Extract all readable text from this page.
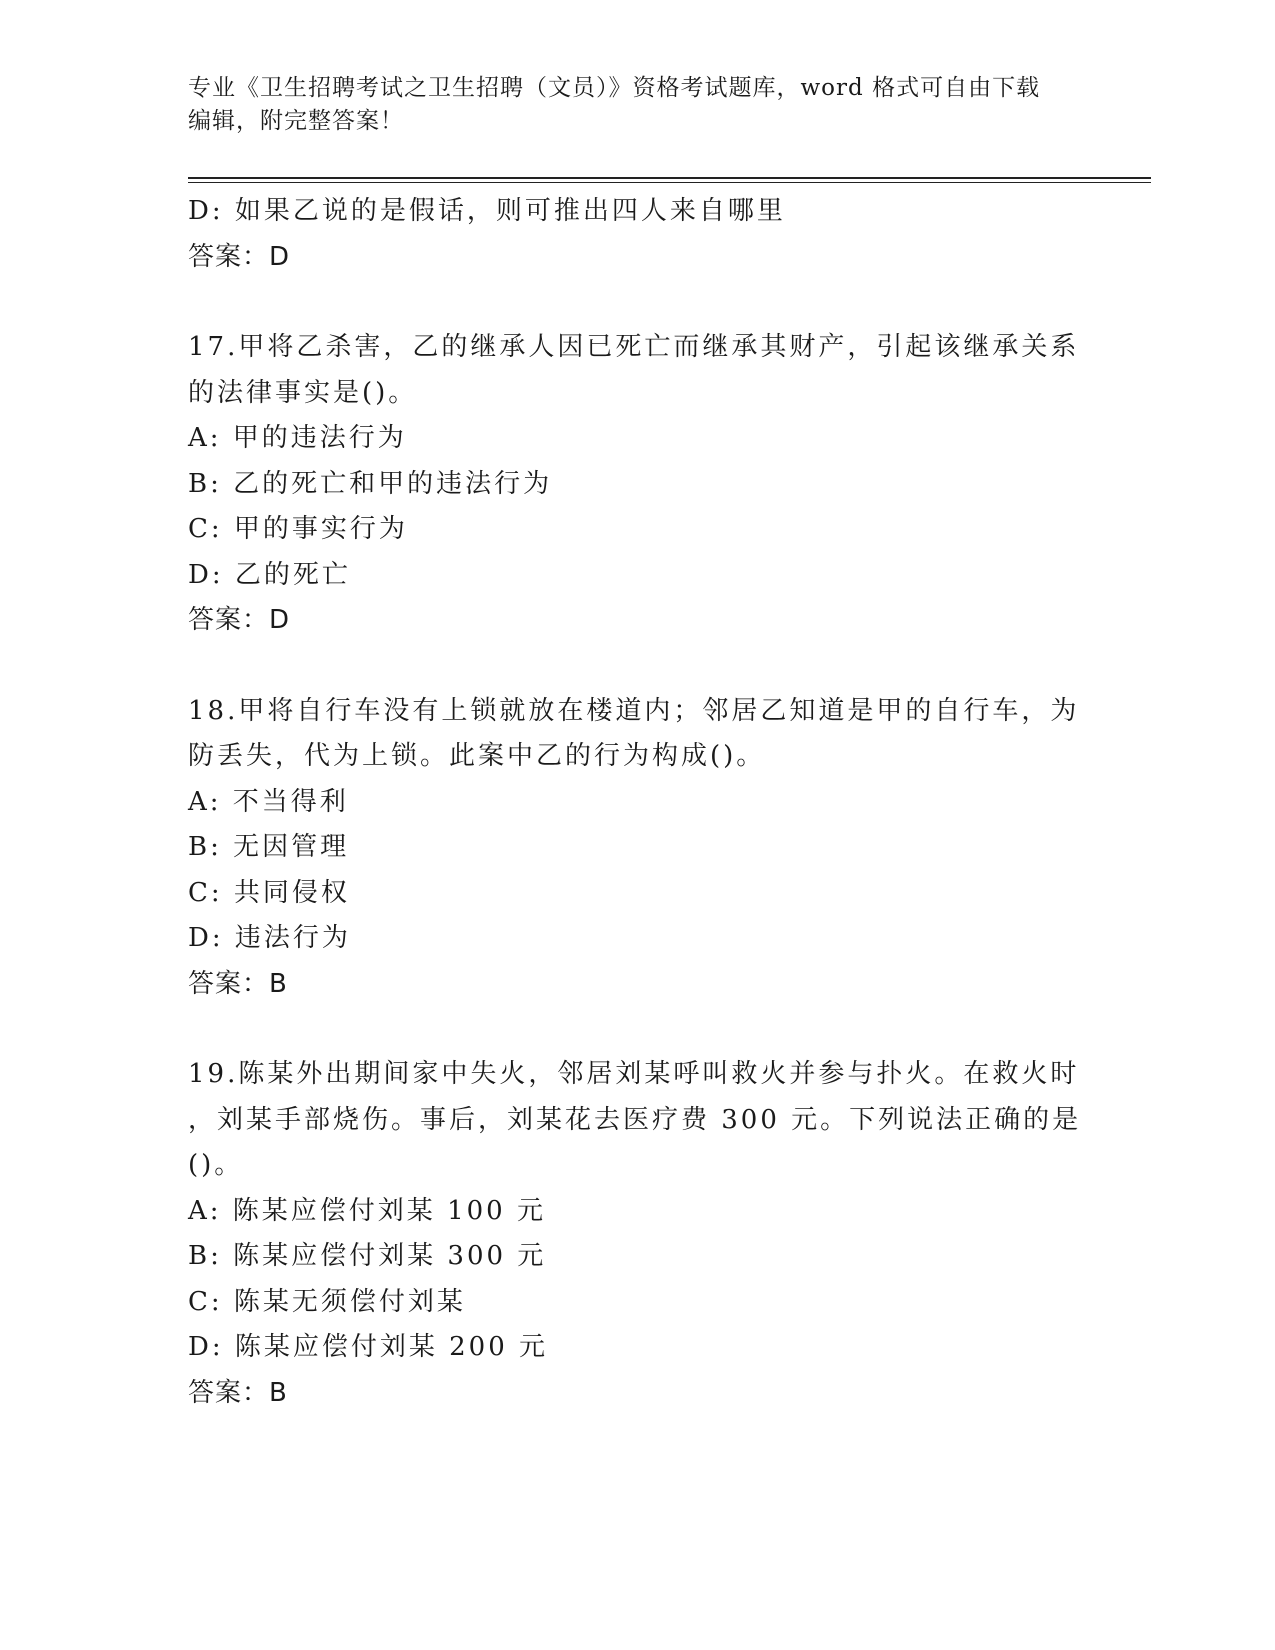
专业《卫生招聘考试之卫生招聘（文员）》资格考试题库，word 格式可自由下载
编辑，附完整答案！
D: 如果乙说的是假话，则可推出四人来自哪里
答案：D
17.甲将乙杀害，乙的继承人因已死亡而继承其财产，引起该继承关系
的法律事实是()。
A: 甲的违法行为
B: 乙的死亡和甲的违法行为
C: 甲的事实行为
D: 乙的死亡
答案：D
18.甲将自行车没有上锁就放在楼道内；邻居乙知道是甲的自行车，为
防丢失，代为上锁。此案中乙的行为构成()。
A: 不当得利
B: 无因管理
C: 共同侵权
D: 违法行为
答案：B
19.陈某外出期间家中失火，邻居刘某呼叫救火并参与扑火。在救火时
，刘某手部烧伤。事后，刘某花去医疗费 300 元。下列说法正确的是
()。
A: 陈某应偿付刘某 100 元
B: 陈某应偿付刘某 300 元
C: 陈某无须偿付刘某
D: 陈某应偿付刘某 200 元
答案：B
